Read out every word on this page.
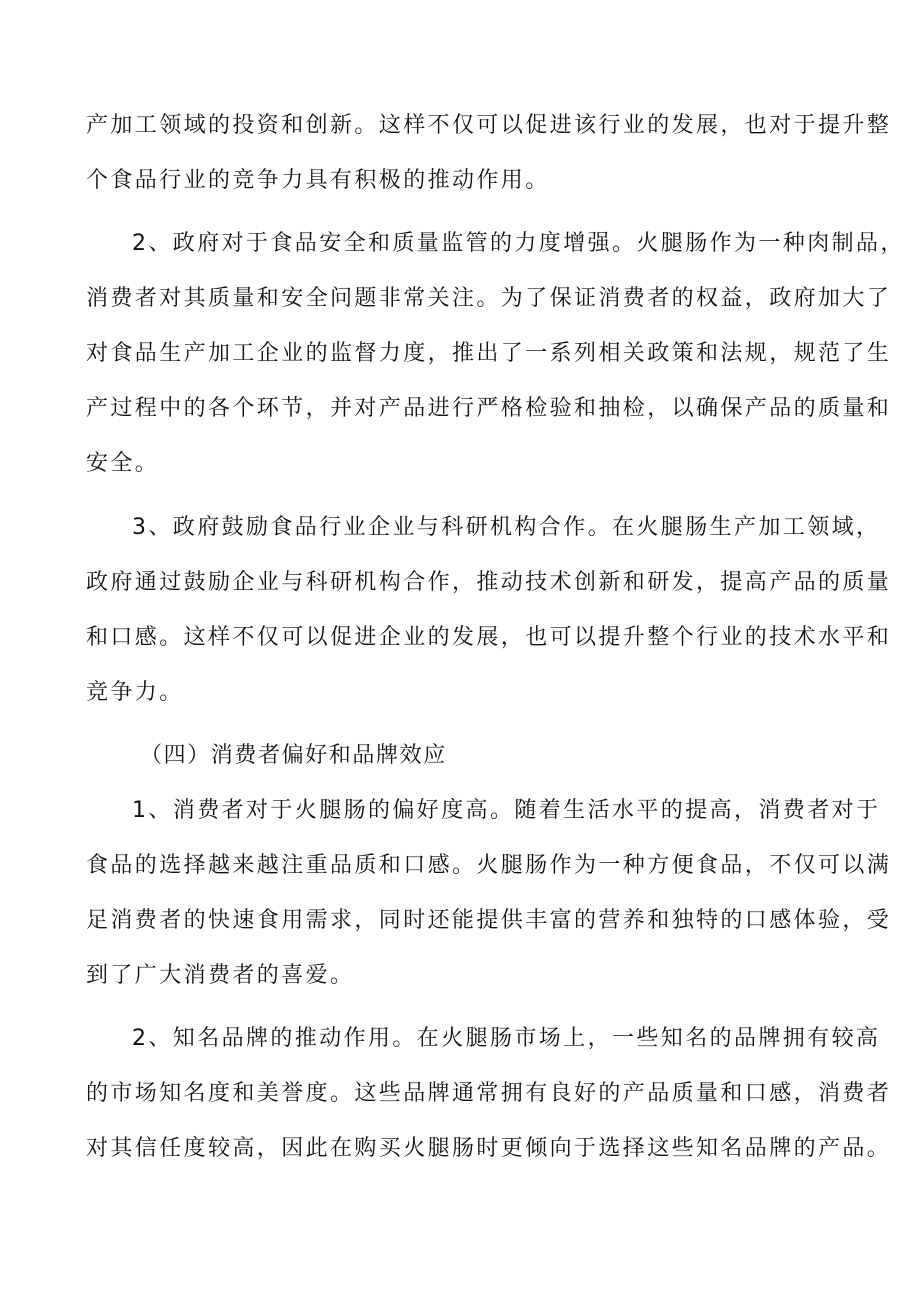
产加工领域的投资和创新。这样不仅可以促进该行业的发展，也对于提升整
个食品行业的竞争力具有积极的推动作用。
2、政府对于食品安全和质量监管的力度增强。火腿肠作为一种肉制品，
消费者对其质量和安全问题非常关注。为了保证消费者的权益，政府加大了
对食品生产加工企业的监督力度，推出了一系列相关政策和法规，规范了生
产过程中的各个环节，并对产品进行严格检验和抽检，以确保产品的质量和
安全。
3、政府鼓励食品行业企业与科研机构合作。在火腿肠生产加工领域，
政府通过鼓励企业与科研机构合作，推动技术创新和研发，提高产品的质量
和口感。这样不仅可以促进企业的发展，也可以提升整个行业的技术水平和
竞争力。
（四）消费者偏好和品牌效应
1、消费者对于火腿肠的偏好度高。随着生活水平的提高，消费者对于
食品的选择越来越注重品质和口感。火腿肠作为一种方便食品，不仅可以满
足消费者的快速食用需求，同时还能提供丰富的营养和独特的口感体验，受
到了广大消费者的喜爱。
2、知名品牌的推动作用。在火腿肠市场上，一些知名的品牌拥有较高
的市场知名度和美誉度。这些品牌通常拥有良好的产品质量和口感，消费者
对其信任度较高，因此在购买火腿肠时更倾向于选择这些知名品牌的产品。
